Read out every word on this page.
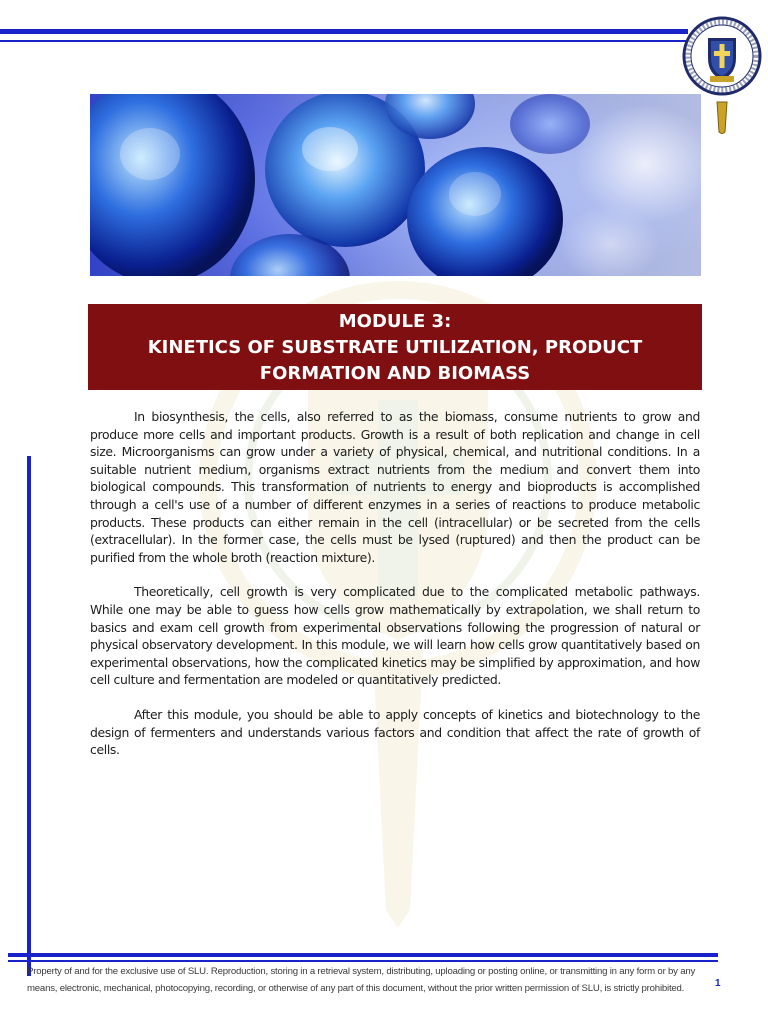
MODULE 3:
KINETICS OF SUBSTRATE UTILIZATION, PRODUCT
FORMATION AND BIOMASS

In biosynthesis, the cells, also referred to as the biomass, consume nutrients to grow and produce more cells and important products. Growth is a result of both replication and change in cell size. Microorganisms can grow under a variety of physical, chemical, and nutritional conditions. In a suitable nutrient medium, organisms extract nutrients from the medium and convert them into biological compounds. This transformation of nutrients to energy and bioproducts is accomplished through a cell's use of a number of different enzymes in a series of reactions to produce metabolic products. These products can either remain in the cell (intracellular) or be secreted from the cells (extracellular). In the former case, the cells must be lysed (ruptured) and then the product can be purified from the whole broth (reaction mixture).

Theoretically, cell growth is very complicated due to the complicated metabolic pathways. While one may be able to guess how cells grow mathematically by extrapolation, we shall return to basics and exam cell growth from experimental observations following the progression of natural or physical observatory development. In this module, we will learn how cells grow quantitatively based on experimental observations, how the complicated kinetics may be simplified by approximation, and how cell culture and fermentation are modeled or quantitatively predicted.

After this module, you should be able to apply concepts of kinetics and biotechnology to the design of fermenters and understands various factors and condition that affect the rate of growth of cells.

Property of and for the exclusive use of SLU. Reproduction, storing in a retrieval system, distributing, uploading or posting online, or transmitting in any form or by any
means, electronic, mechanical, photocopying, recording, or otherwise of any part of this document, without the prior written permission of SLU, is strictly prohibited.	1
